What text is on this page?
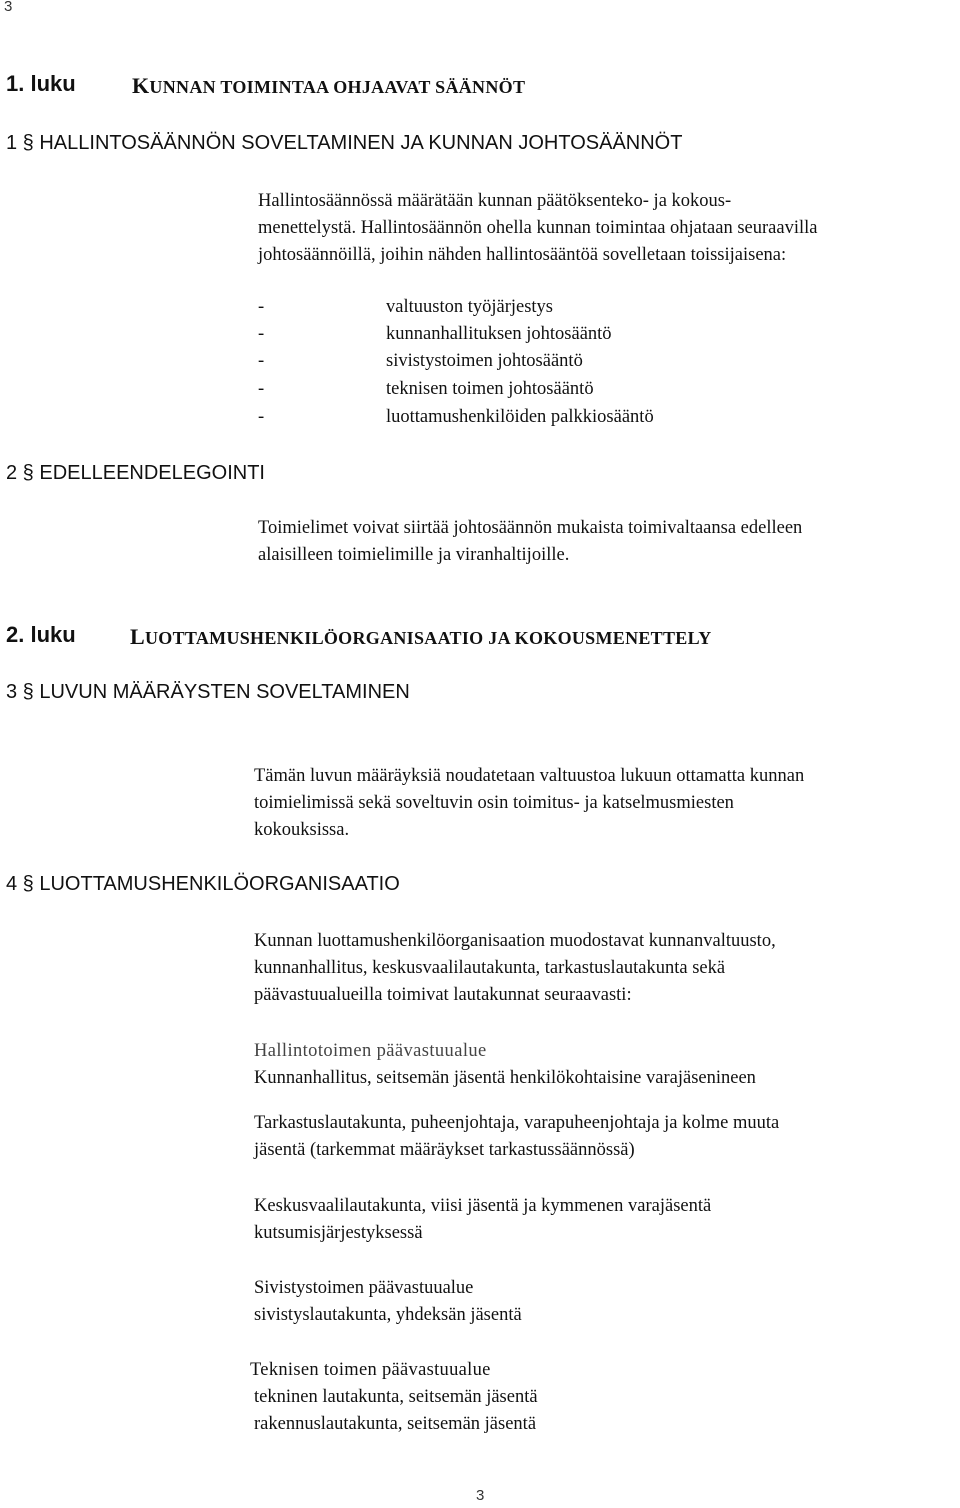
3
1. luku	KUNNAN TOIMINTAA OHJAAVAT SÄÄNNÖT
1 § HALLINTOSÄÄNNÖN SOVELTAMINEN JA KUNNAN JOHTOSÄÄNNÖT
Hallintosäännössä määrätään kunnan päätöksenteko- ja kokous-
menettelystä. Hallintosäännön ohella kunnan toimintaa ohjataan seuraavilla
johtosäännöillä, joihin nähden hallintosääntöä sovelletaan toissijaisena:
-	valtuuston työjärjestys
-	kunnanhallituksen johtosääntö
-	sivistystoimen johtosääntö
-	teknisen toimen johtosääntö
-	luottamushenkilöiden palkkiosääntö
2 § EDELLEENDELEGOINTI
Toimielimet voivat siirtää johtosäännön mukaista toimivaltaansa edelleen
alaisilleen toimielimille ja viranhaltijoille.
2. luku LUOTTAMUSHENKILÖORGANISAATIO JA KOKOUSMENETTELY
3 § LUVUN MÄÄRÄYSTEN SOVELTAMINEN
Tämän luvun määräyksiä noudatetaan valtuustoa lukuun ottamatta kunnan
toimielimissä sekä soveltuvin osin toimitus- ja katselmusmiesten
kokouksissa.
4 § LUOTTAMUSHENKILÖORGANISAATIO
Kunnan luottamushenkilöorganisaation muodostavat kunnanvaltuusto,
kunnanhallitus, keskusvaalilautakunta, tarkastuslautakunta sekä
päävastuualueilla toimivat lautakunnat seuraavasti:
Hallintotoimen päävastuualue
Kunnanhallitus, seitsemän jäsentä henkilökohtaisine varajäsenineen
Tarkastuslautakunta, puheenjohtaja, varapuheenjohtaja ja kolme muuta
jäsentä (tarkemmat määräykset tarkastussäännössä)
Keskusvaalilautakunta, viisi jäsentä ja kymmenen varajäsentä
kutsumisjärjestyksessä
Sivistystoimen päävastuualue
sivistyslautakunta, yhdeksän jäsentä
Teknisen toimen päävastuualue
tekninen lautakunta, seitsemän jäsentä
rakennuslautakunta, seitsemän jäsentä
3
